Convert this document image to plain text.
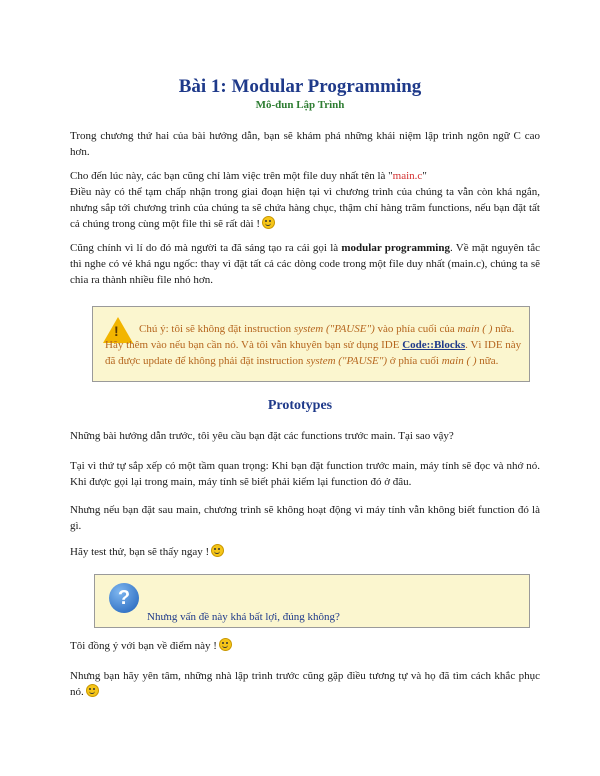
Bài 1: Modular Programming
Mô-đun Lập Trình
Trong chương thứ hai của bài hướng dẫn, bạn sẽ khám phá những khái niệm lập trình ngôn ngữ C cao hơn.
Cho đến lúc này, các bạn cũng chỉ làm việc trên một file duy nhất tên là "main.c"
Điều này có thể tạm chấp nhận trong giai đoạn hiện tại vì chương trình của chúng ta vẫn còn khá ngắn, nhưng sắp tới chương trình của chúng ta sẽ chứa hàng chục, thậm chí hàng trăm functions, nếu bạn đặt tất cả chúng trong cùng một file thì sẽ rất dài !
Cũng chính vì lí do đó mà người ta đã sáng tạo ra cái gọi là modular programming. Về mặt nguyên tắc thì nghe có vẻ khá ngu ngốc: thay vì đặt tất cả các dòng code trong một file duy nhất (main.c), chúng ta sẽ chia ra thành nhiều file nhỏ hơn.
!	Chú ý: tôi sẽ không đặt instruction system ("PAUSE") vào phía cuối của main ( ) nữa. Hãy thêm vào nếu bạn cần nó. Và tôi vẫn khuyên bạn sử dụng IDE Code::Blocks. Vì IDE này đã được update để không phải đặt instruction system ("PAUSE") ở phía cuối main ( ) nữa.
Prototypes
Những bài hướng dẫn trước, tôi yêu cầu bạn đặt các functions trước main. Tại sao vậy?
Tại vì thứ tự sắp xếp có một tầm quan trọng: Khi bạn đặt function trước main, máy tính sẽ đọc và nhớ nó. Khi được gọi lại trong main, máy tính sẽ biết phải kiếm lại function đó ở đâu.
Nhưng nếu bạn đặt sau main, chương trình sẽ không hoạt động vì máy tính vẫn không biết function đó là gì.
Hãy test thử, bạn sẽ thấy ngay !
?
Nhưng vấn đề này khá bất lợi, đúng không?
Tôi đồng ý với bạn về điểm này !
Nhưng bạn hãy yên tâm, những nhà lập trình trước cũng gặp điều tương tự và họ đã tìm cách khắc phục nó.
